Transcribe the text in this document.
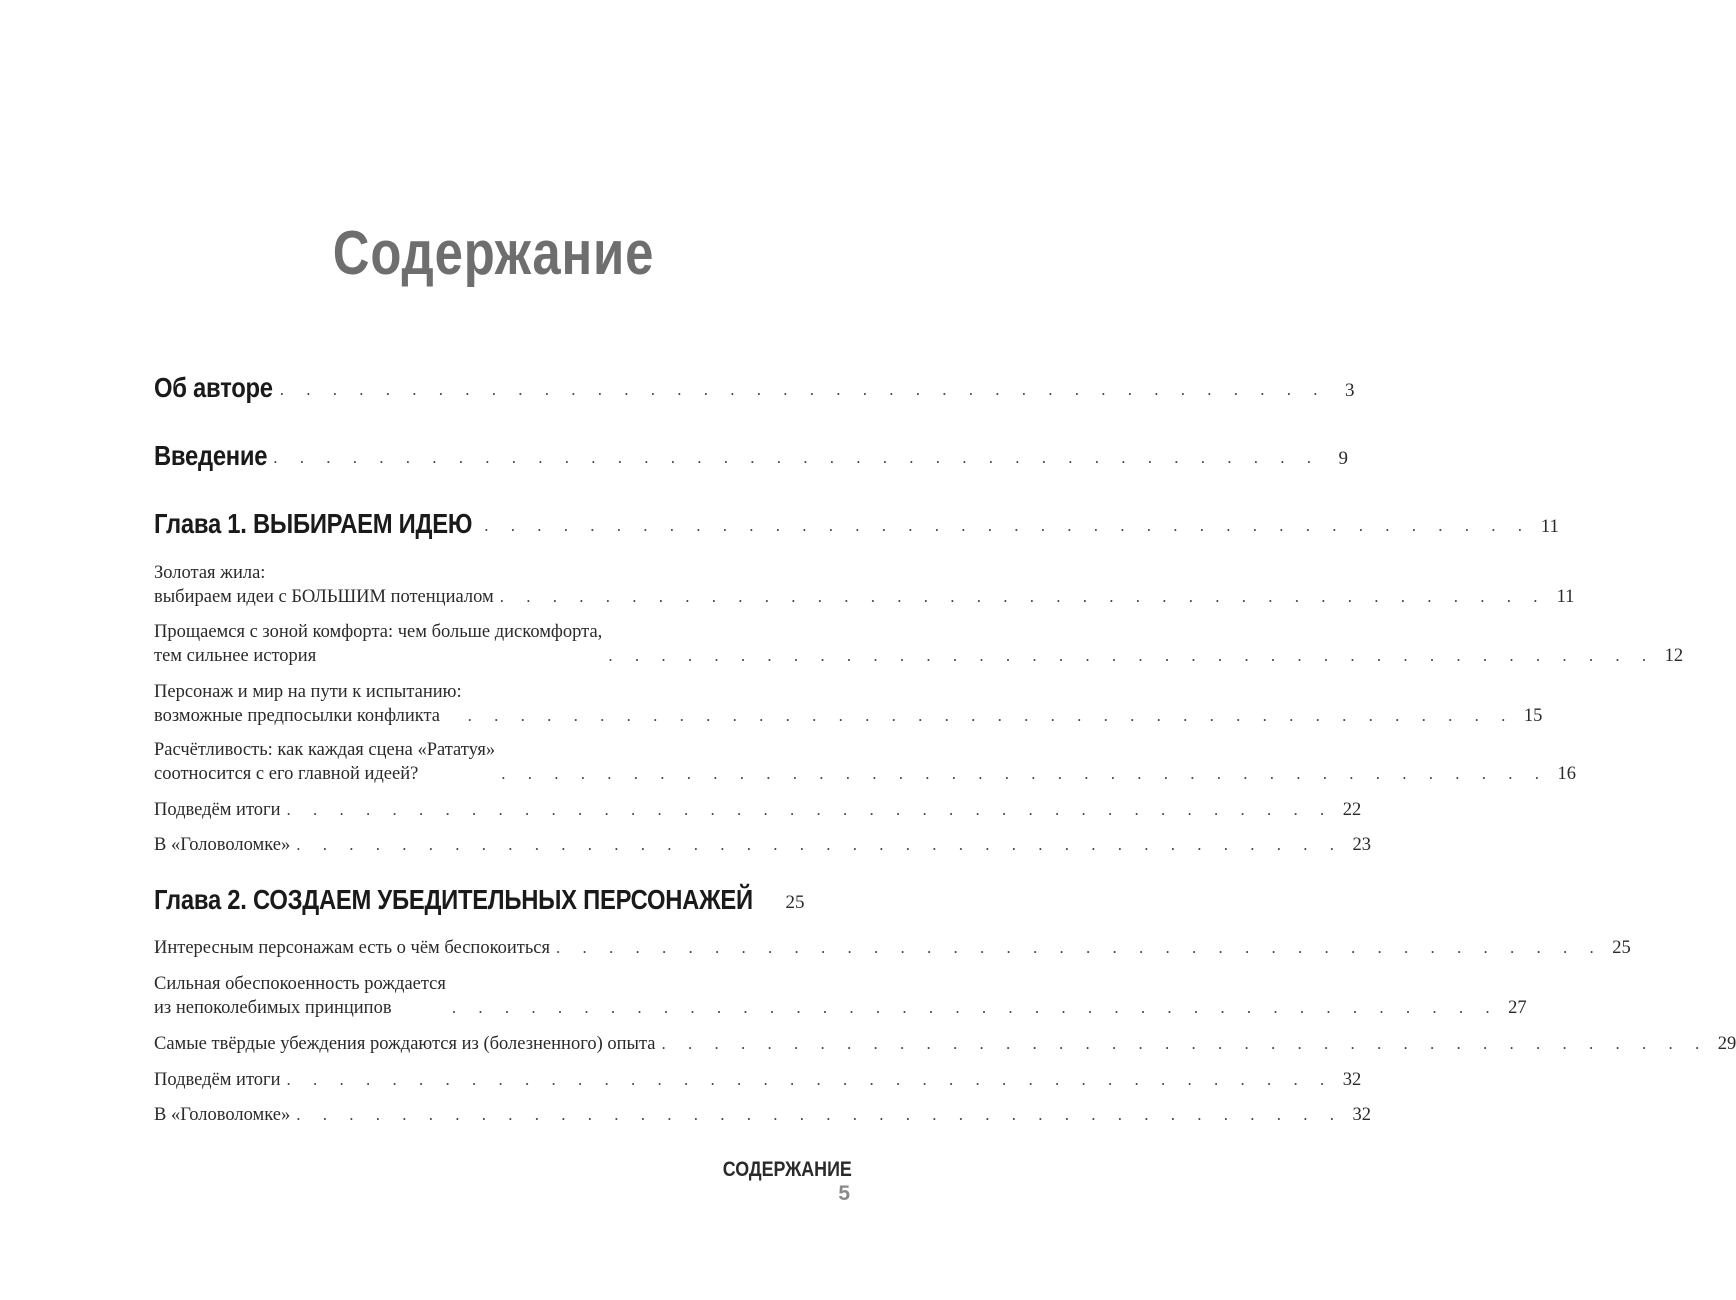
Содержание
Об авторе . . . . . . . . . . . . . . . . . . . . . . . . . . . . . . . . . . . . . . . . 3
Введение . . . . . . . . . . . . . . . . . . . . . . . . . . . . . . . . . . . . . . . . 9
Глава 1. ВЫБИРАЕМ ИДЕЮ . . . . . . . . . . . . . . . . . . . . . . . . . . . . . . . . . . . . . . . . 11
Золотая жила:
выбираем идеи с БОЛЬШИМ потенциалом . . . . . . . . . . . . . . . . . . . . . . . . . . . . . . . . . . . . . . . . 11
Прощаемся с зоной комфорта: чем больше дискомфорта,
тем сильнее история	. . . . . . . . . . . . . . . . . . . . . . . . . . . . . . . . . . . . . . . . 12
Персонаж и мир на пути к испытанию:
возможные предпосылки конфликта	. . . . . . . . . . . . . . . . . . . . . . . . . . . . . . . . . . . . . . . . 15
Расчётливость: как каждая сцена «Рататуя»
соотносится с его главной идеей?	. . . . . . . . . . . . . . . . . . . . . . . . . . . . . . . . . . . . . . . . 16
Подведём итоги . . . . . . . . . . . . . . . . . . . . . . . . . . . . . . . . . . . . . . . . 22
В «Головоломке» . . . . . . . . . . . . . . . . . . . . . . . . . . . . . . . . . . . . . . . . 23
Глава 2. СОЗДАЕМ УБЕДИТЕЛЬНЫХ ПЕРСОНАЖЕЙ 25
Интересным персонажам есть о чём беспокоиться . . . . . . . . . . . . . . . . . . . . . . . . . . . . . . . . . . . . . . . . 25
Сильная обеспокоенность рождается
из непоколебимых принципов	. . . . . . . . . . . . . . . . . . . . . . . . . . . . . . . . . . . . . . . . 27
Самые твёрдые убеждения рождаются из (болезненного) опыта . . . . . . . . . . . . . . . . . . . . . . . . . . . . . . . . . . . . . . . . 29
Подведём итоги . . . . . . . . . . . . . . . . . . . . . . . . . . . . . . . . . . . . . . . . 32
В «Головоломке» . . . . . . . . . . . . . . . . . . . . . . . . . . . . . . . . . . . . . . . . 32
СОДЕРЖАНИЕ 5
